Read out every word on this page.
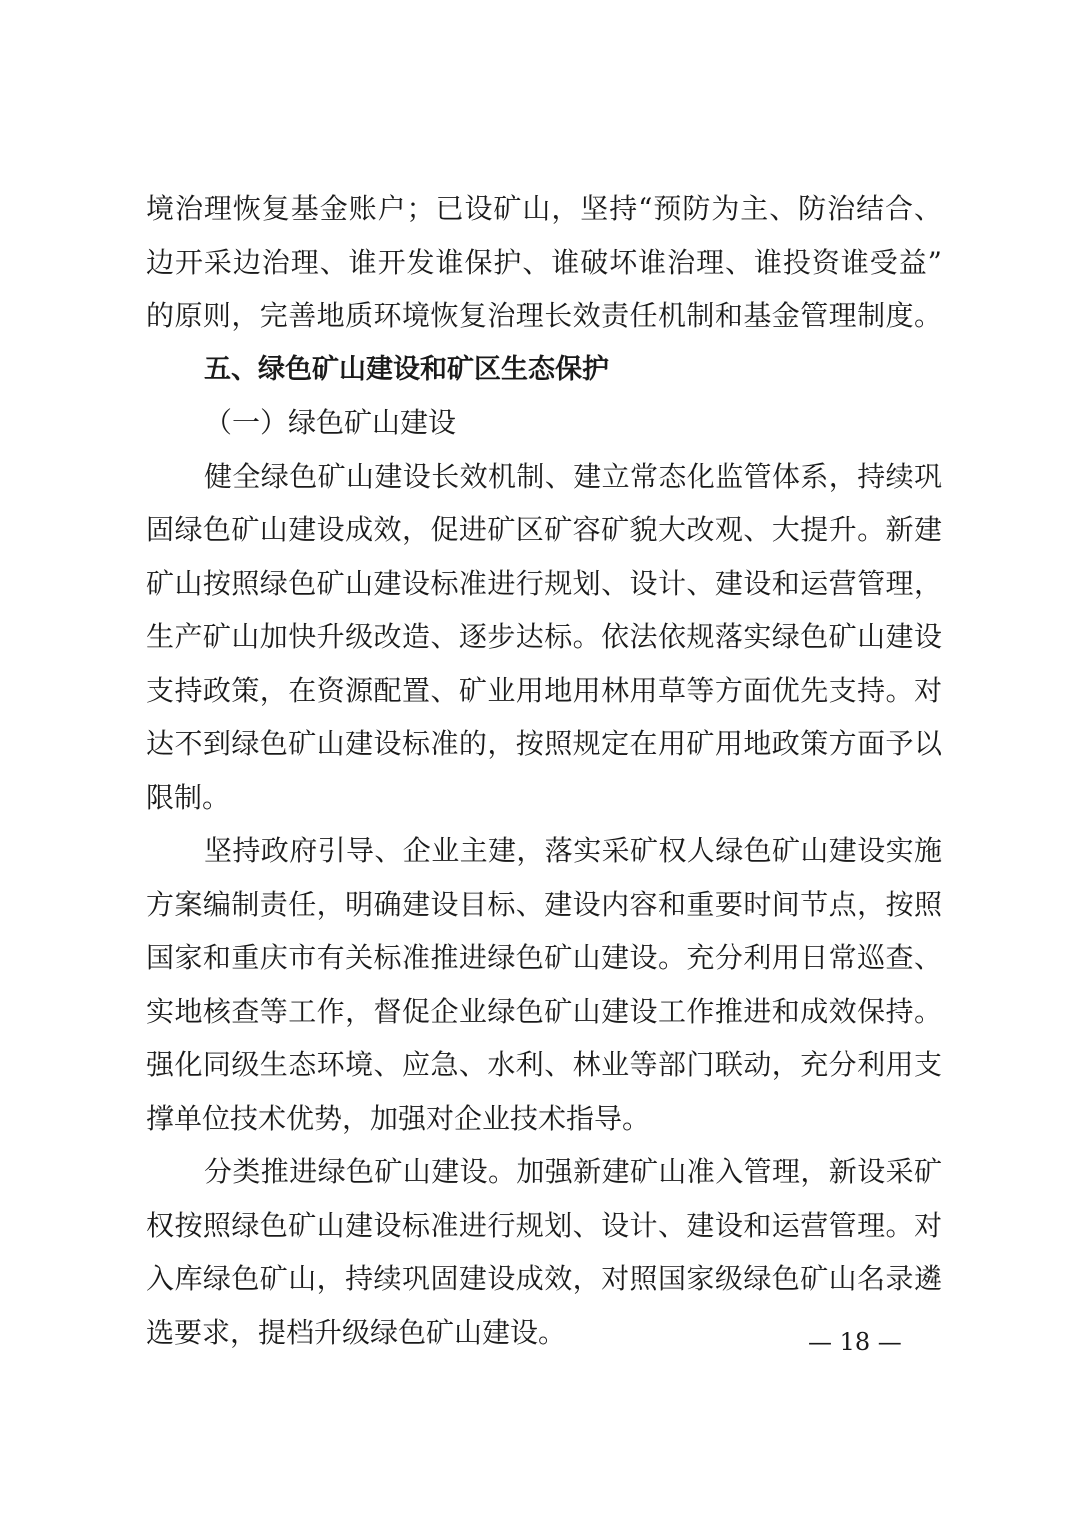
境治理恢复基金账户；已设矿山，坚持“预防为主、防治结合、
边开采边治理、谁开发谁保护、谁破坏谁治理、谁投资谁受益”
的原则，完善地质环境恢复治理长效责任机制和基金管理制度。
五、绿色矿山建设和矿区生态保护
（一）绿色矿山建设
健全绿色矿山建设长效机制、建立常态化监管体系，持续巩
固绿色矿山建设成效，促进矿区矿容矿貌大改观、大提升。新建
矿山按照绿色矿山建设标准进行规划、设计、建设和运营管理，
生产矿山加快升级改造、逐步达标。依法依规落实绿色矿山建设
支持政策，在资源配置、矿业用地用林用草等方面优先支持。对
达不到绿色矿山建设标准的，按照规定在用矿用地政策方面予以
限制。
坚持政府引导、企业主建，落实采矿权人绿色矿山建设实施
方案编制责任，明确建设目标、建设内容和重要时间节点，按照
国家和重庆市有关标准推进绿色矿山建设。充分利用日常巡查、
实地核查等工作，督促企业绿色矿山建设工作推进和成效保持。
强化同级生态环境、应急、水利、林业等部门联动，充分利用支
撑单位技术优势，加强对企业技术指导。
分类推进绿色矿山建设。加强新建矿山准入管理，新设采矿
权按照绿色矿山建设标准进行规划、设计、建设和运营管理。对
入库绿色矿山，持续巩固建设成效，对照国家级绿色矿山名录遴
选要求，提档升级绿色矿山建设。	— 18 —
